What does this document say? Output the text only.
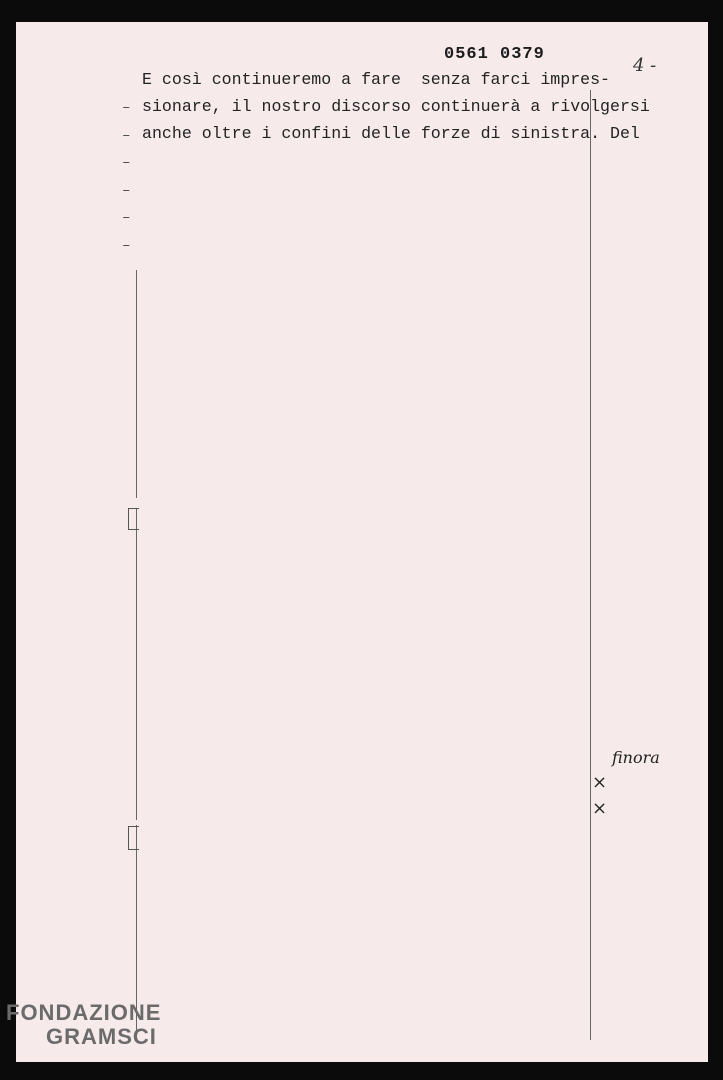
0561 0379
4 -
E così continueremo a fare  senza farci impres-
sionare, il nostro discorso continuerà a rivolgersi
anche oltre i confini delle forze di sinistra. Del
finora
×
×
–
–
–
–
–
–
FONDAZIONE
GRAMSCI
